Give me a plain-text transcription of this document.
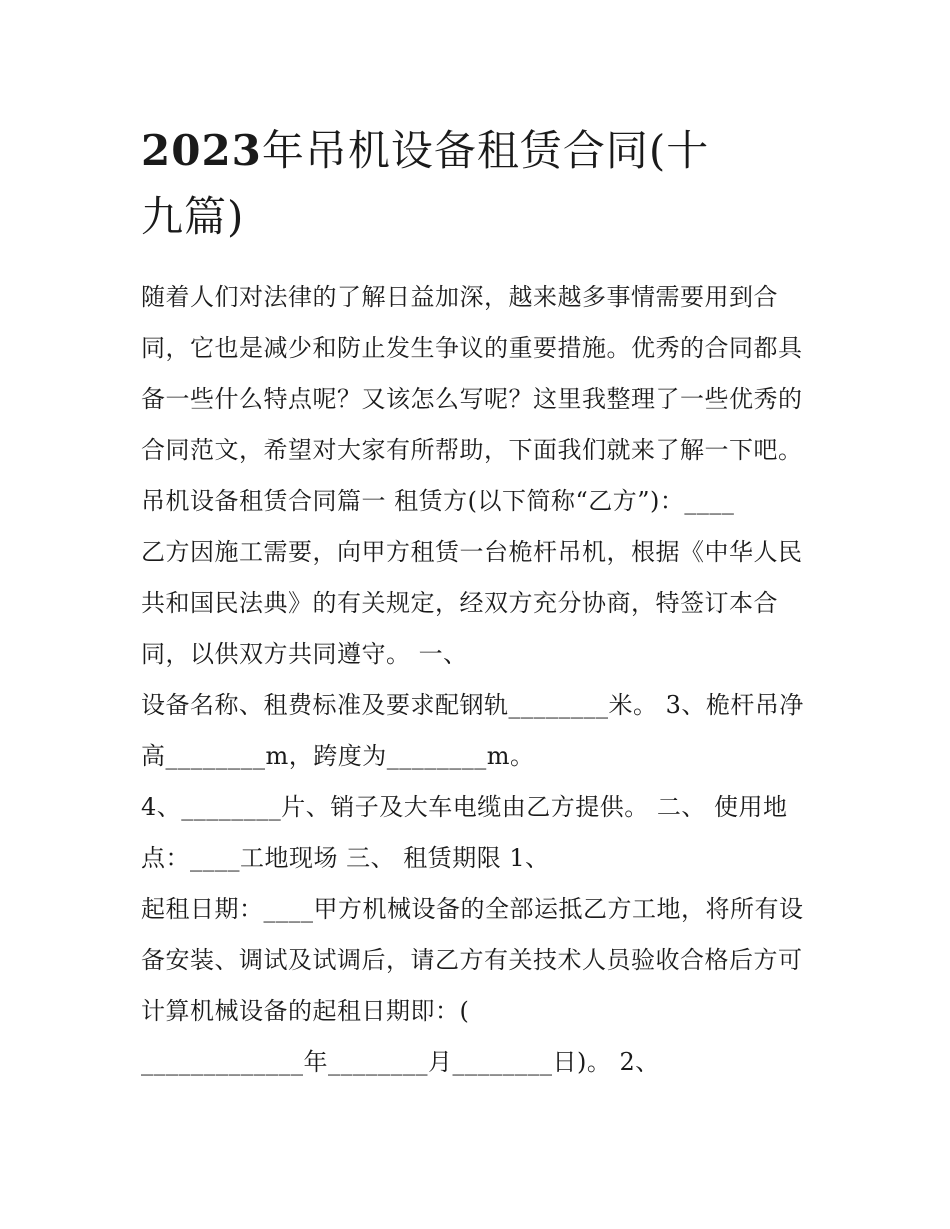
2023年吊机设备租赁合同(十
九篇)
随着人们对法律的了解日益加深，越来越多事情需要用到合
同，它也是减少和防止发生争议的重要措施。优秀的合同都具
备一些什么特点呢？又该怎么写呢？这里我整理了一些优秀的
合同范文，希望对大家有所帮助，下面我们就来了解一下吧。
吊机设备租赁合同篇一 租赁方(以下简称“乙方”)：____
乙方因施工需要，向甲方租赁一台桅杆吊机，根据《中华人民
共和国民法典》的有关规定，经双方充分协商，特签订本合
同，以供双方共同遵守。 一、
设备名称、租费标准及要求配钢轨________米。 3、桅杆吊净
高________m，跨度为________m。
4、________片、销子及大车电缆由乙方提供。 二、 使用地
点：____工地现场 三、 租赁期限 1、
起租日期：____甲方机械设备的全部运抵乙方工地，将所有设
备安装、调试及试调后，请乙方有关技术人员验收合格后方可
计算机械设备的起租日期即：(
_____________年________月________日)。 2、
